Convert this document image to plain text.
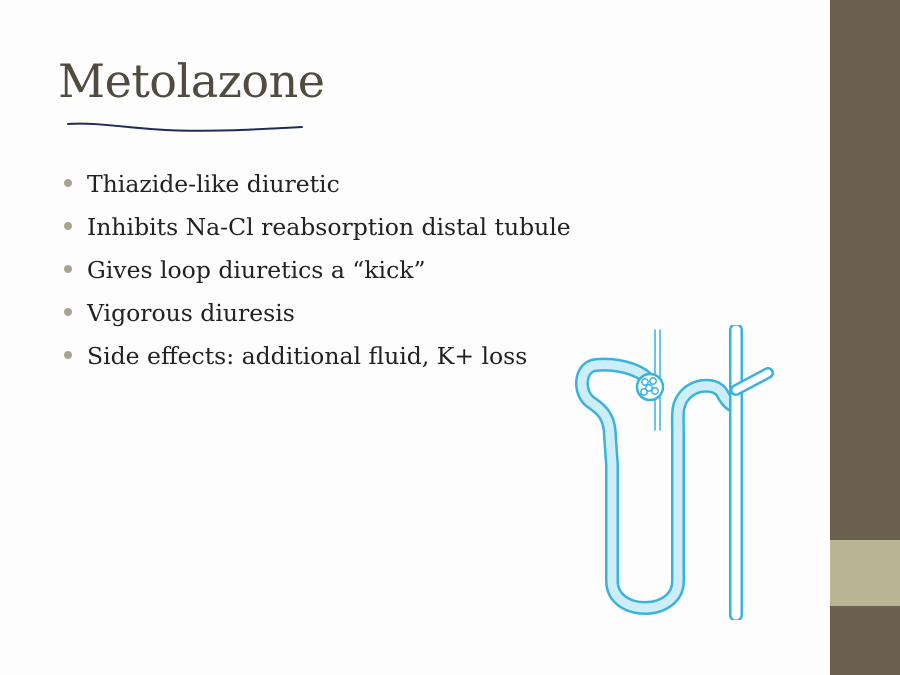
Metolazone
Thiazide-like diuretic
Inhibits Na-Cl reabsorption distal tubule
Gives loop diuretics a “kick”
Vigorous diuresis
Side effects: additional fluid, K+ loss
